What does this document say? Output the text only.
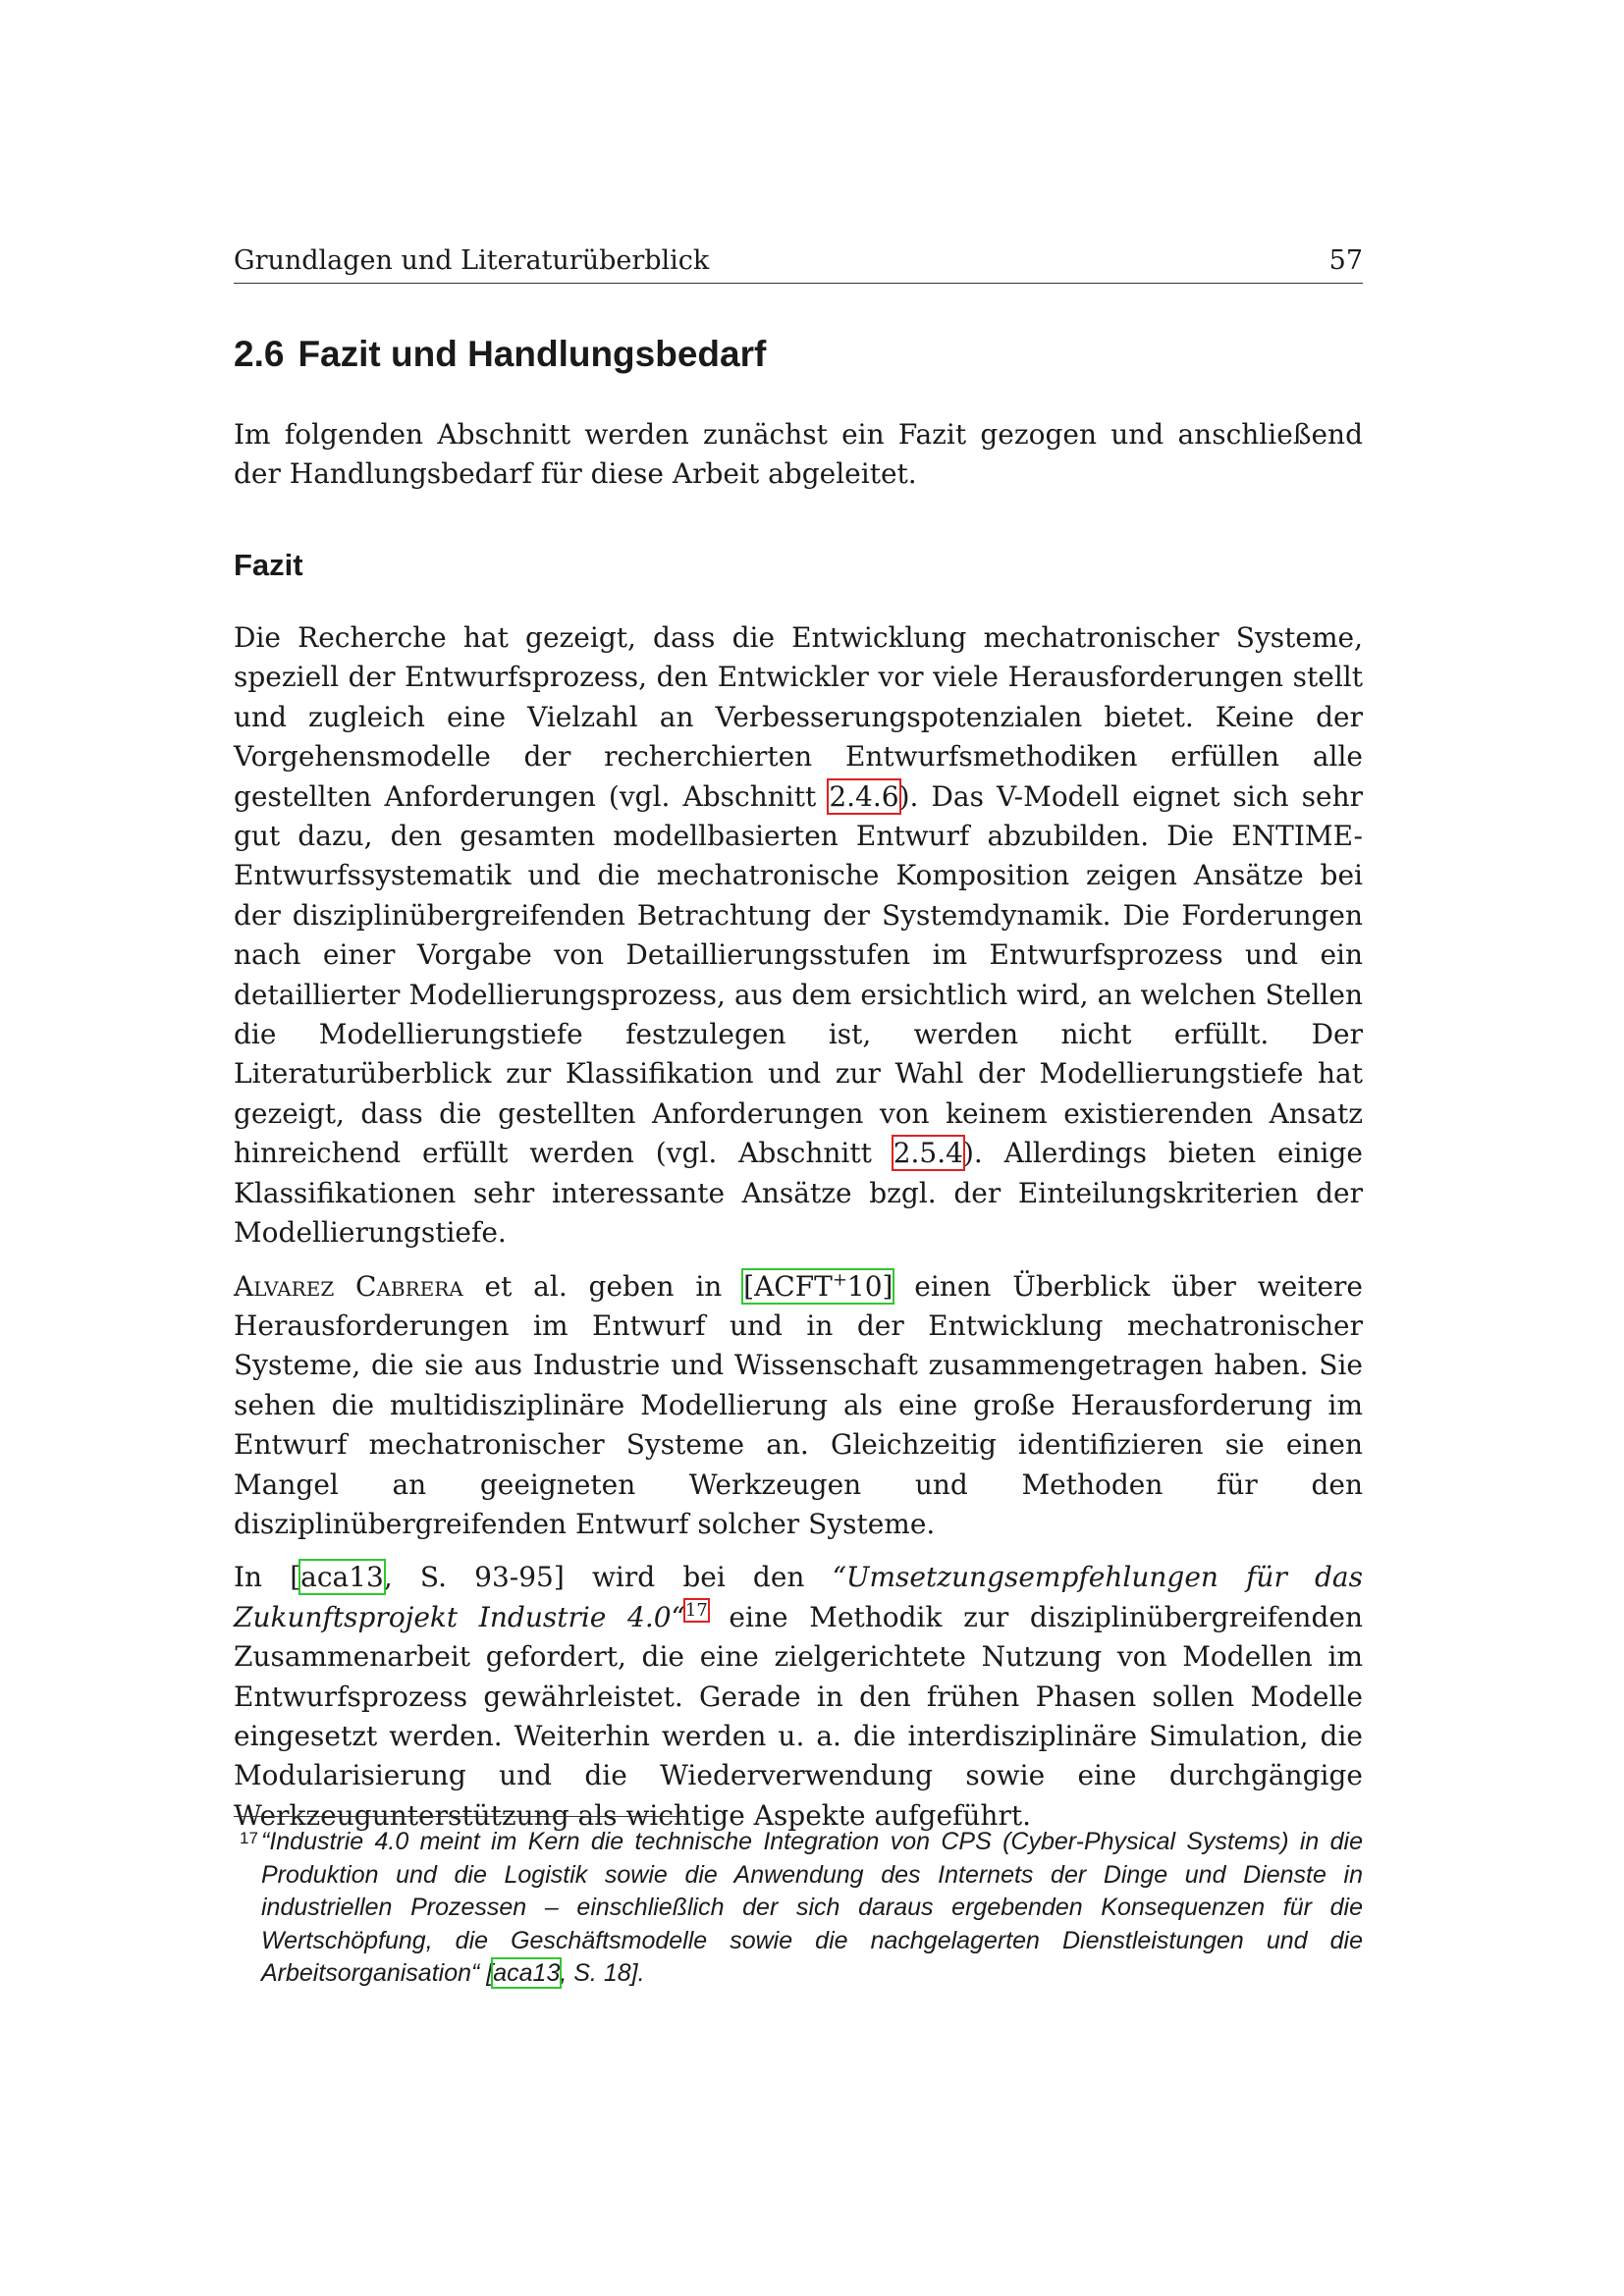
Grundlagen und Literaturüberblick	57
2.6 Fazit und Handlungsbedarf

Im folgenden Abschnitt werden zunächst ein Fazit gezogen und anschließend der Handlungsbedarf für diese Arbeit abgeleitet.

Fazit

Die Recherche hat gezeigt, dass die Entwicklung mechatronischer Systeme, speziell der Entwurfsprozess, den Entwickler vor viele Herausforderungen stellt und zugleich eine Vielzahl an Verbesserungspotenzialen bietet. Keine der Vorgehensmodelle der recherchierten Entwurfsmethodiken erfüllen alle gestellten Anforderungen (vgl. Abschnitt 2.4.6). Das V-Modell eignet sich sehr gut dazu, den gesamten modellbasierten Entwurf abzubilden. Die ENTIME-Entwurfssystematik und die mechatronische Komposition zeigen Ansätze bei der disziplinübergreifenden Betrachtung der Systemdynamik. Die Forderungen nach einer Vorgabe von Detaillierungsstufen im Entwurfsprozess und ein detaillierter Modellierungsprozess, aus dem ersichtlich wird, an welchen Stellen die Modellierungstiefe festzulegen ist, werden nicht erfüllt. Der Literaturüberblick zur Klassifikation und zur Wahl der Modellierungstiefe hat gezeigt, dass die gestellten Anforderungen von keinem existierenden Ansatz hinreichend erfüllt werden (vgl. Abschnitt 2.5.4). Allerdings bieten einige Klassifikationen sehr interessante Ansätze bzgl. der Einteilungskriterien der Modellierungstiefe.

Alvarez Cabrera et al. geben in [ACFT+10] einen Überblick über weitere Herausforderungen im Entwurf und in der Entwicklung mechatronischer Systeme, die sie aus Industrie und Wissenschaft zusammengetragen haben. Sie sehen die multidisziplinäre Modellierung als eine große Herausforderung im Entwurf mechatronischer Systeme an. Gleichzeitig identifizieren sie einen Mangel an geeigneten Werkzeugen und Methoden für den disziplinübergreifenden Entwurf solcher Systeme.

In [aca13, S. 93-95] wird bei den “Umsetzungsempfehlungen für das Zukunftsprojekt Industrie 4.0“$^{17}$ eine Methodik zur disziplinübergreifenden Zusammenarbeit gefordert, die eine zielgerichtete Nutzung von Modellen im Entwurfsprozess gewährleistet. Gerade in den frühen Phasen sollen Modelle eingesetzt werden. Weiterhin werden u. a. die interdisziplinäre Simulation, die Modularisierung und die Wiederverwendung sowie eine durchgängige Werkzeugunterstützung als wichtige Aspekte aufgeführt.

17 “Industrie 4.0 meint im Kern die technische Integration von CPS (Cyber-Physical Systems) in die Produktion und die Logistik sowie die Anwendung des Internets der Dinge und Dienste in industriellen Prozessen – einschließlich der sich daraus ergebenden Konsequenzen für die Wertschöpfung, die Geschäftsmodelle sowie die nachgelagerten Dienstleistungen und die Arbeitsorganisation“ [aca13, S. 18].
